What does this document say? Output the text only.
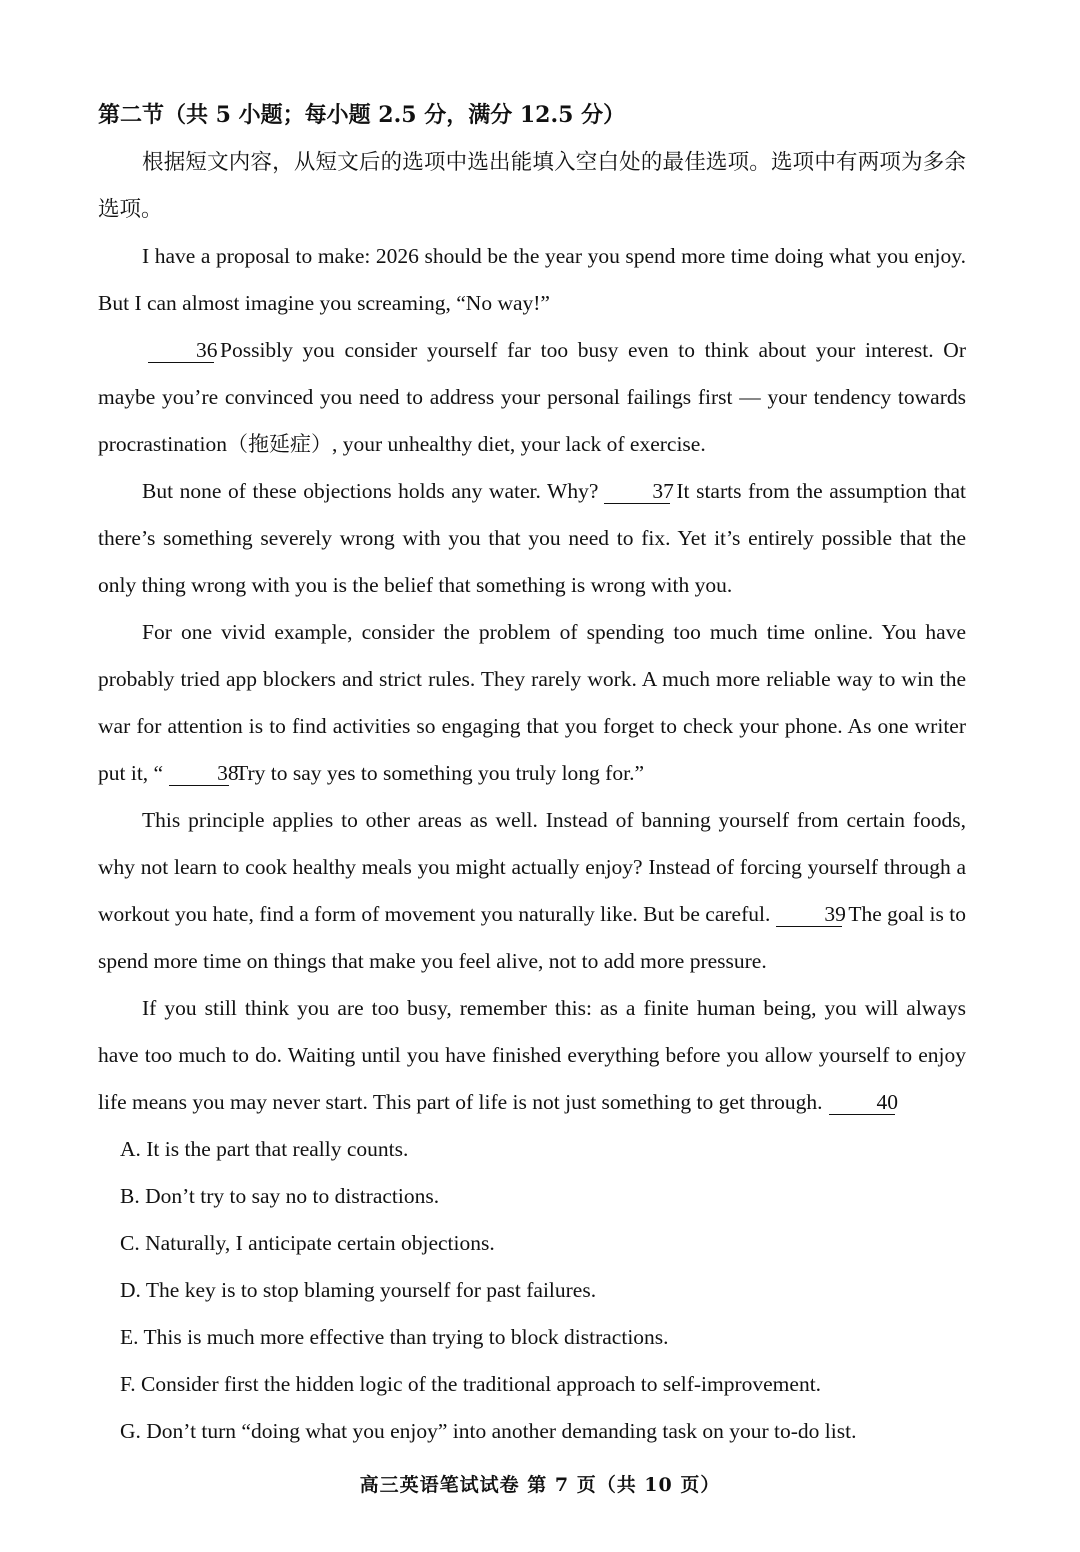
第二节（共 5 小题；每小题 2.5 分，满分 12.5 分）

根据短文内容，从短文后的选项中选出能填入空白处的最佳选项。选项中有两项为多余选项。

I have a proposal to make: 2026 should be the year you spend more time doing what you enjoy. But I can almost imagine you screaming, “No way!”

36 Possibly you consider yourself far too busy even to think about your interest. Or maybe you’re convinced you need to address your personal failings first — your tendency towards procrastination（拖延症）, your unhealthy diet, your lack of exercise.

But none of these objections holds any water. Why?	37 It starts from the assumption that there’s something severely wrong with you that you need to fix. Yet it’s entirely possible that the only thing wrong with you is the belief that something is wrong with you.

For one vivid example, consider the problem of spending too much time online. You have probably tried app blockers and strict rules. They rarely work. A much more reliable way to win the war for attention is to find activities so engaging that you forget to check your phone. As one writer put it, “	38Try to say yes to something you truly long for.”

This principle applies to other areas as well. Instead of banning yourself from certain foods, why not learn to cook healthy meals you might actually enjoy? Instead of forcing yourself through a workout you hate, find a form of movement you naturally like. But be careful.	39 The goal is to spend more time on things that make you feel alive, not to add more pressure.

If you still think you are too busy, remember this: as a finite human being, you will always have too much to do. Waiting until you have finished everything before you allow yourself to enjoy life means you may never start. This part of life is not just something to get through.	40

A. It is the part that really counts.

B. Don’t try to say no to distractions.

C. Naturally, I anticipate certain objections.

D. The key is to stop blaming yourself for past failures.

E. This is much more effective than trying to block distractions.

F. Consider first the hidden logic of the traditional approach to self-improvement.

G. Don’t turn “doing what you enjoy” into another demanding task on your to-do list.

高三英语笔试试卷 第 7 页（共 10 页）
